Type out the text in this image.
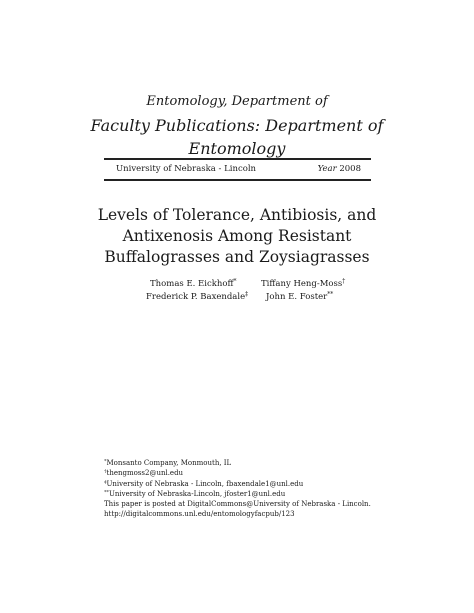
Entomology, Department of
Faculty Publications: Department of
Entomology
University of Nebraska - Lincoln	Year 2008
Levels of Tolerance, Antibiosis, and
Antixenosis Among Resistant
Buffalograsses and Zoysiagrasses
Thomas E. Eickhoff*	Tiffany Heng-Moss†
Frederick P. Baxendale‡ John E. Foster**
*Monsanto Company, Monmouth, IL
†thengmoss2@unl.edu
‡University of Nebraska - Lincoln, fbaxendale1@unl.edu
**University of Nebraska-Lincoln, jfoster1@unl.edu
This paper is posted at DigitalCommons@University of Nebraska - Lincoln.
http://digitalcommons.unl.edu/entomologyfacpub/123
